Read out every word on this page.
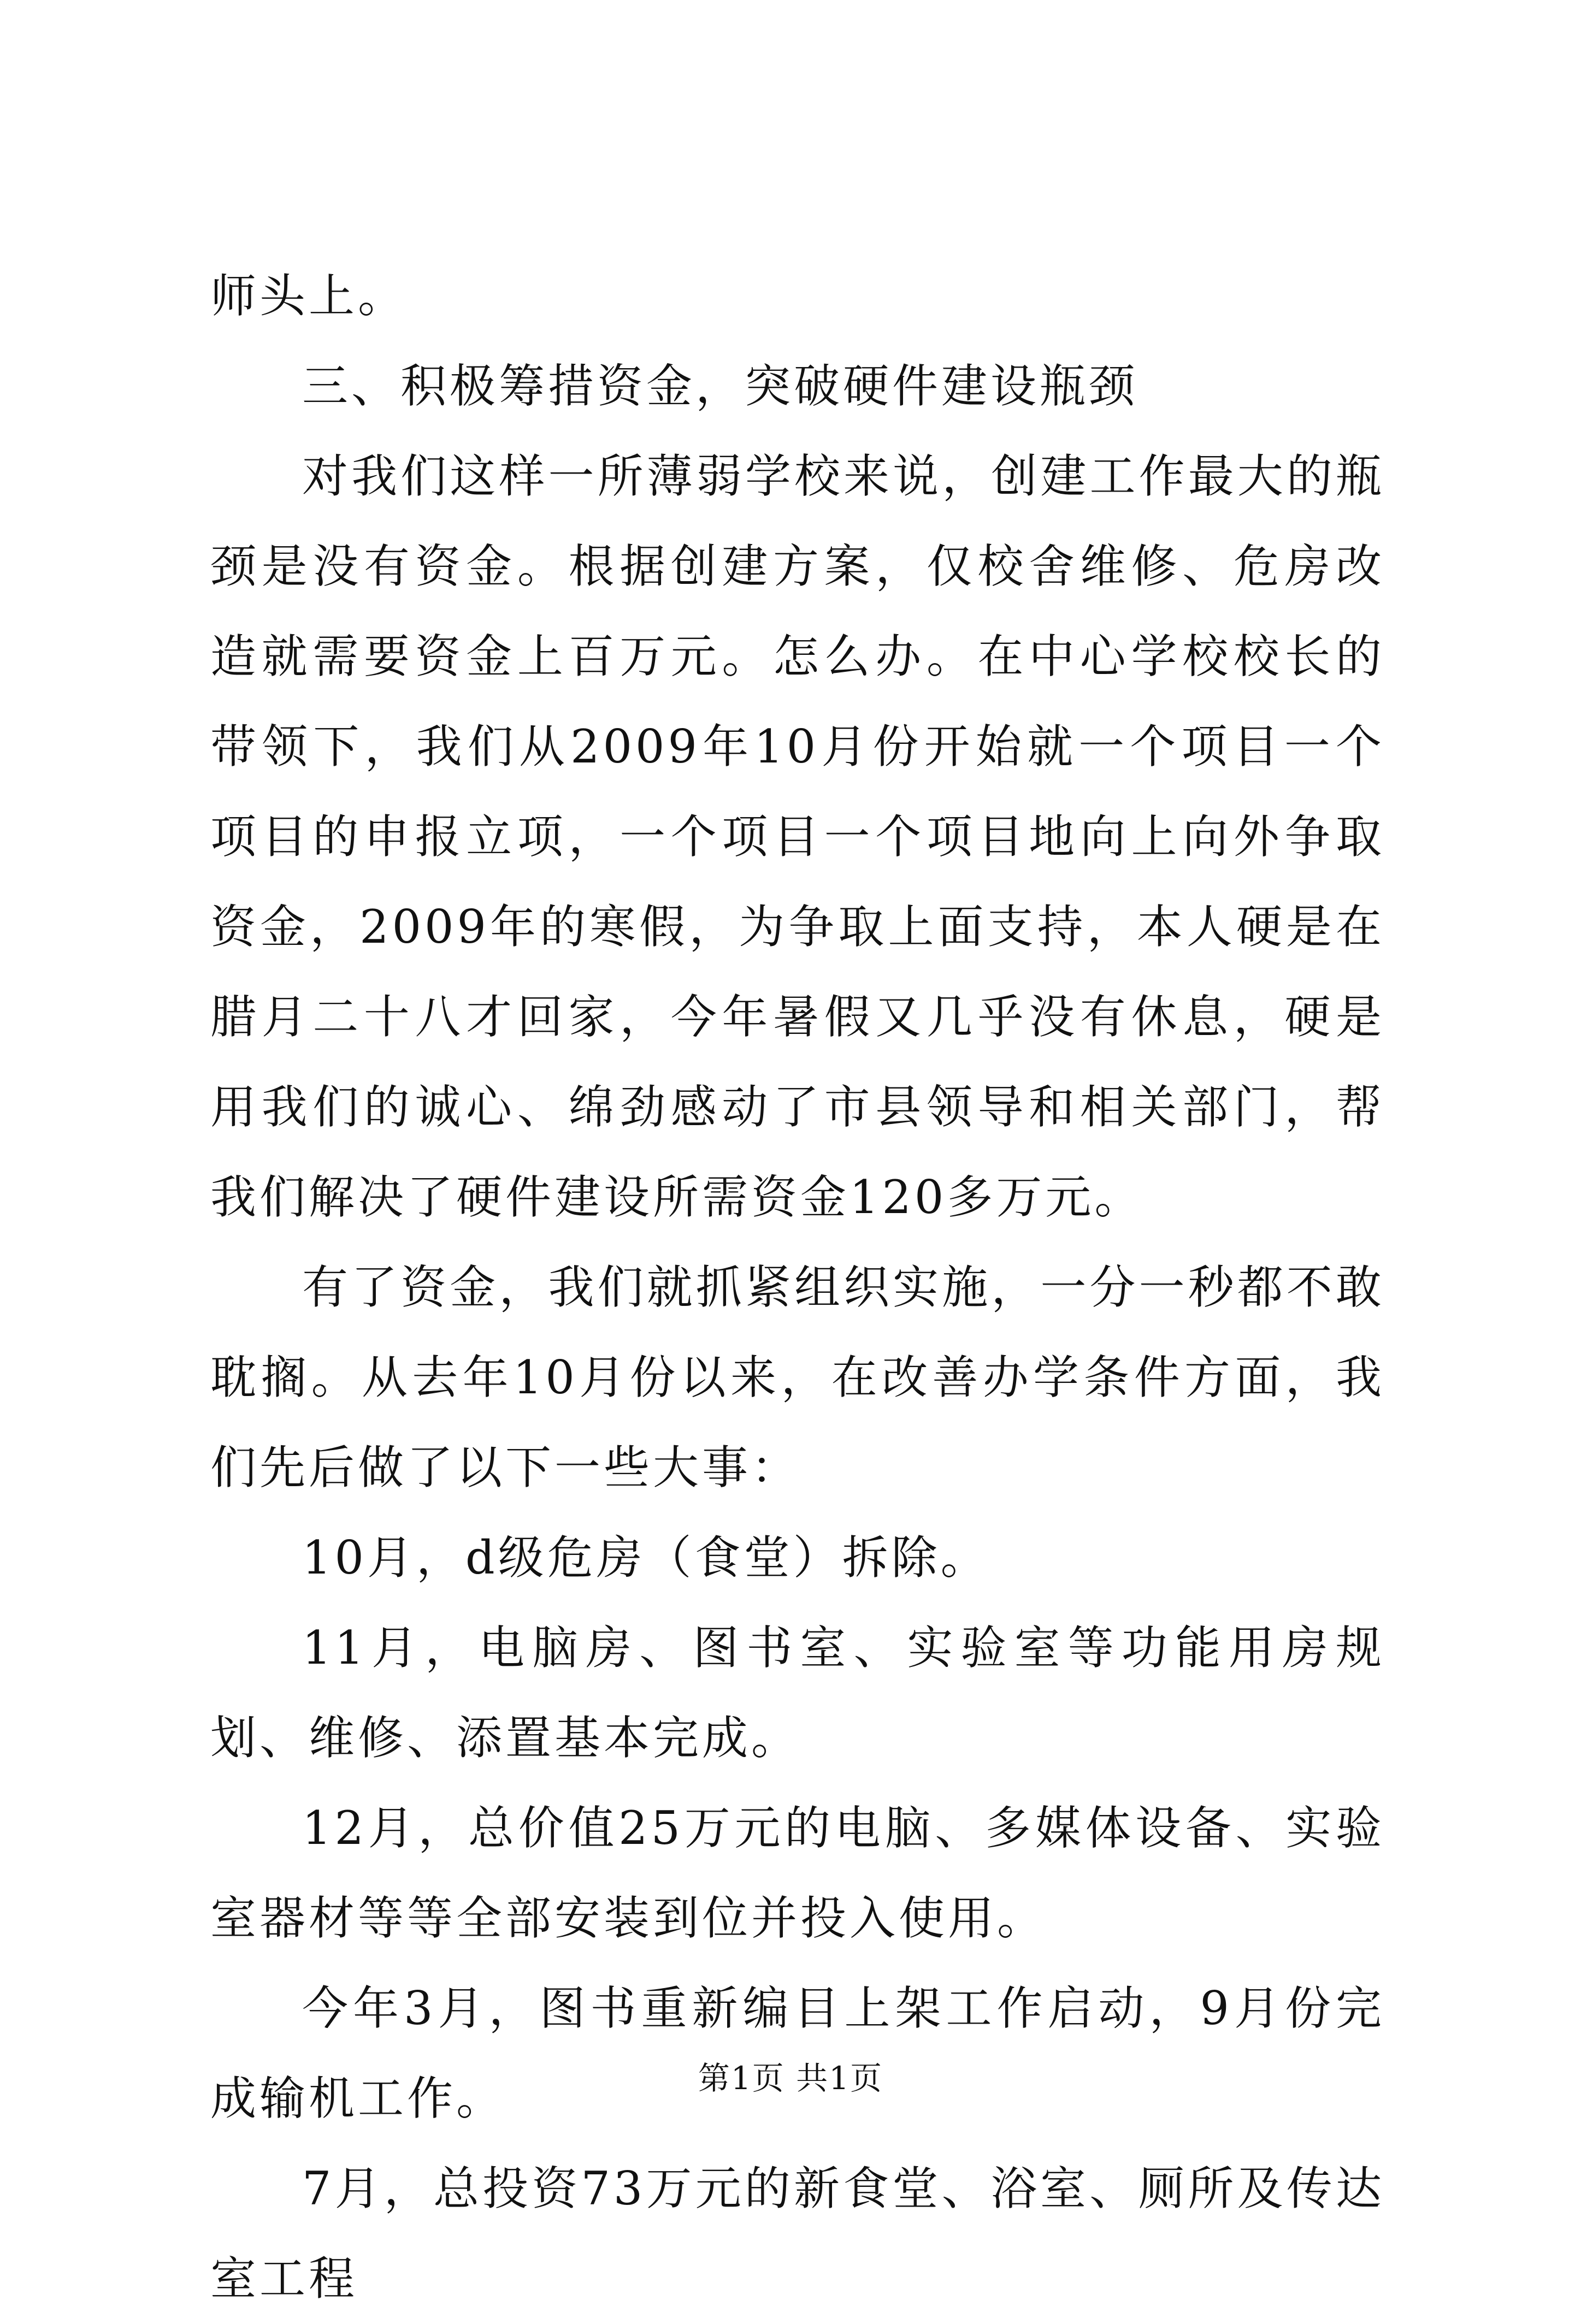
师头上。

三、积极筹措资金，突破硬件建设瓶颈

对我们这样一所薄弱学校来说，创建工作最大的瓶颈是没有资金。根据创建方案，仅校舍维修、危房改造就需要资金上百万元。怎么办。在中心学校校长的带领下，我们从2009年10月份开始就一个项目一个项目的申报立项，一个项目一个项目地向上向外争取资金，2009年的寒假，为争取上面支持，本人硬是在腊月二十八才回家，今年暑假又几乎没有休息，硬是用我们的诚心、绵劲感动了市县领导和相关部门，帮我们解决了硬件建设所需资金120多万元。

有了资金，我们就抓紧组织实施，一分一秒都不敢耽搁。从去年10月份以来，在改善办学条件方面，我们先后做了以下一些大事：

10月，d级危房（食堂）拆除。

11月，电脑房、图书室、实验室等功能用房规划、维修、添置基本完成。

12月，总价值25万元的电脑、多媒体设备、实验室器材等等全部安装到位并投入使用。

今年3月，图书重新编目上架工作启动，9月份完成输机工作。

7月，总投资73万元的新食堂、浴室、厕所及传达室工程

第1页 共1页
